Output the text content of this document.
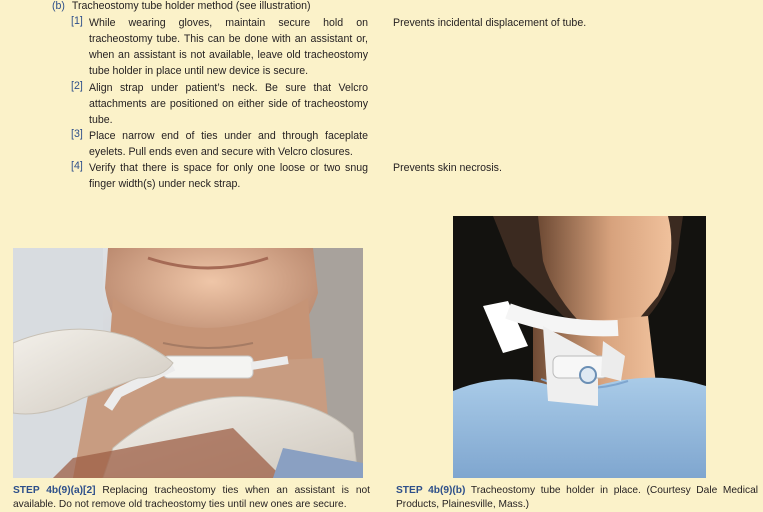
(b) Tracheostomy tube holder method (see illustration)
[1] While wearing gloves, maintain secure hold on tracheostomy tube. This can be done with an assistant or, when an assistant is not available, leave old tracheostomy tube holder in place until new device is secure.
Prevents incidental displacement of tube.
[2] Align strap under patient’s neck. Be sure that Velcro attachments are positioned on either side of tracheostomy tube.
[3] Place narrow end of ties under and through faceplate eyelets. Pull ends even and secure with Velcro closures.
[4] Verify that there is space for only one loose or two snug finger width(s) under neck strap.
Prevents skin necrosis.
STEP 4b(9)(a)[2] Replacing tracheostomy ties when an assistant is not available. Do not remove old tracheostomy ties until new ones are secure.
STEP 4b(9)(b) Tracheostomy tube holder in place. (Courtesy Dale Medical Products, Plainesville, Mass.)
